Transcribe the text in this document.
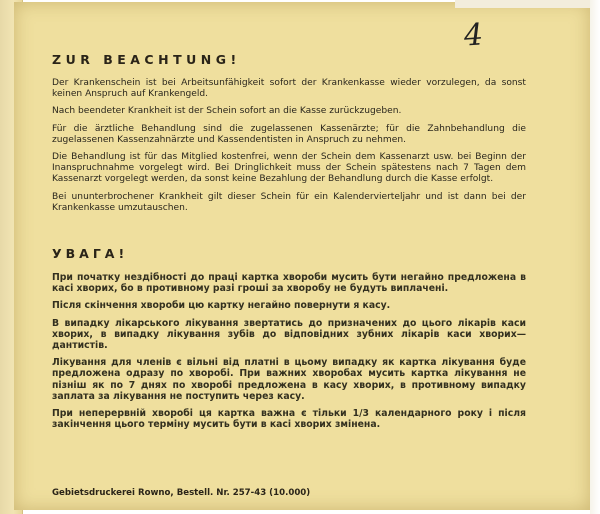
4
ZUR BEACHTUNG!

Der Krankenschein ist bei Arbeitsunfähigkeit sofort der Krankenkasse wieder vorzulegen, da sonst keinen Anspruch auf Krankengeld.

Nach beendeter Krankheit ist der Schein sofort an die Kasse zurückzugeben.

Für die ärztliche Behandlung sind die zugelassenen Kassenärzte; für die Zahnbehandlung die zugelassenen Kassenzahnärzte und Kassendentisten in Anspruch zu nehmen.

Die Behandlung ist für das Mitglied kostenfrei, wenn der Schein dem Kassenarzt usw. bei Beginn der Inanspruchnahme vorgelegt wird. Bei Dringlichkeit muss der Schein spätestens nach 7 Tagen dem Kassenarzt vorgelegt werden, da sonst keine Bezahlung der Behandlung durch die Kasse erfolgt.

Bei ununterbrochener Krankheit gilt dieser Schein für ein Kalendervierteljahr und ist dann bei der Krankenkasse umzutauschen.

УВАГА!

При початку нездібності до праці картка хвороби мусить бути негайно предложена в касі хворих, бо в противному разі гроші за хворобу не будуть виплачені.

Після скінчення хвороби цю картку негайно повернути я касу.

В випадку лікарського лікування звертатись до призначених до цього лікарів каси хворих, в випадку лікування зубів до відповідних зубних лікарів каси хворих—дантистів.

Лікування для членів є вільні від платні в цьому випадку як картка лікування буде предложена одразу по хворобі. При важних хворобах мусить картка лікування не пізніш як по 7 днях по хворобі предложена в касу хворих, в противному випадку заплата за лікування не поступить через касу.

При неперервній хворобі ця картка важна є тільки 1/3 календарного року і після закінчення цього терміну мусить бути в касі хворих змінена.

Gebietsdruckerei Rowno, Bestell. Nr. 257-43 (10.000)
